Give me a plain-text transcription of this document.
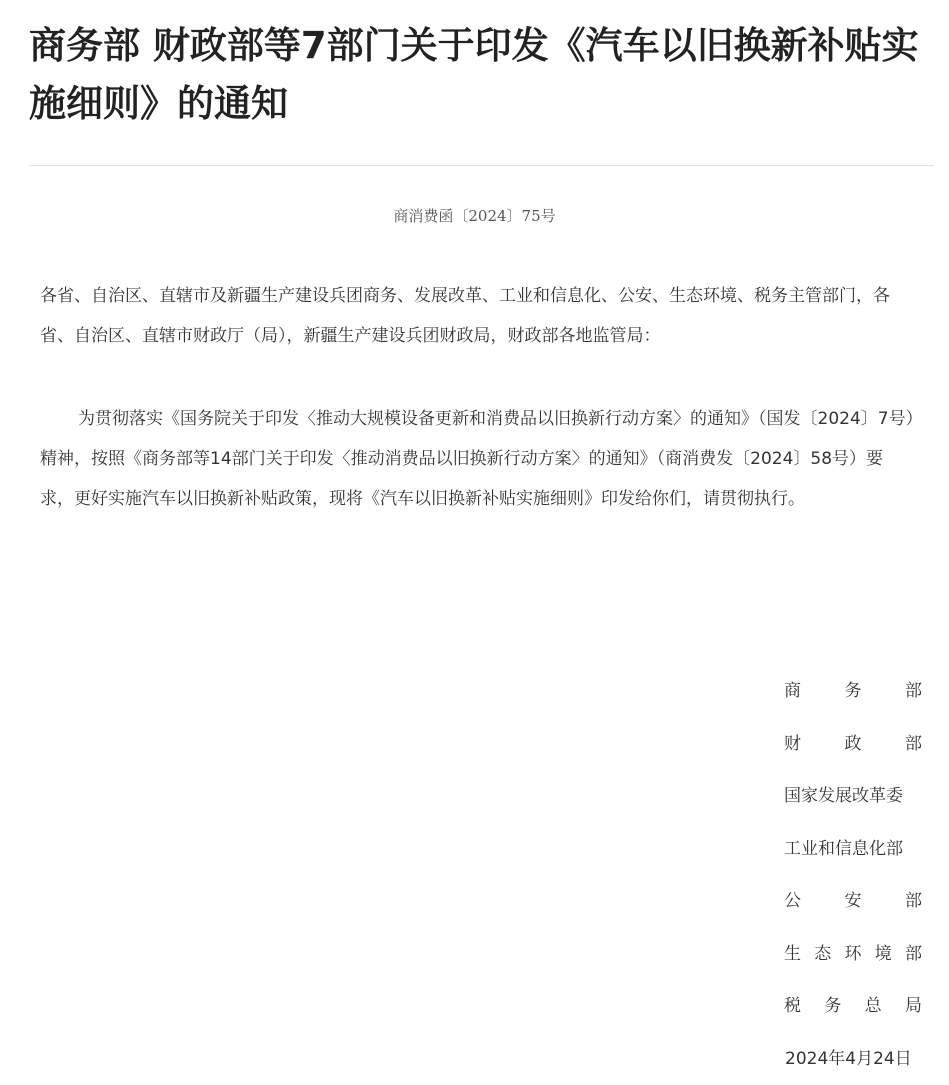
商务部 财政部等7部门关于印发《汽车以旧换新补贴实施细则》的通知
商消费函〔2024〕75号

各省、自治区、直辖市及新疆生产建设兵团商务、发展改革、工业和信息化、公安、生态环境、税务主管部门，各省、自治区、直辖市财政厅（局），新疆生产建设兵团财政局，财政部各地监管局：

为贯彻落实《国务院关于印发〈推动大规模设备更新和消费品以旧换新行动方案〉的通知》（国发〔2024〕7号）精神，按照《商务部等14部门关于印发〈推动消费品以旧换新行动方案〉的通知》（商消费发〔2024〕58号）要求，更好实施汽车以旧换新补贴政策，现将《汽车以旧换新补贴实施细则》印发给你们，请贯彻执行。

商务部
财政部
国家发展改革委
工业和信息化部
公安部
生态环境部
税务总局
2024年4月24日
